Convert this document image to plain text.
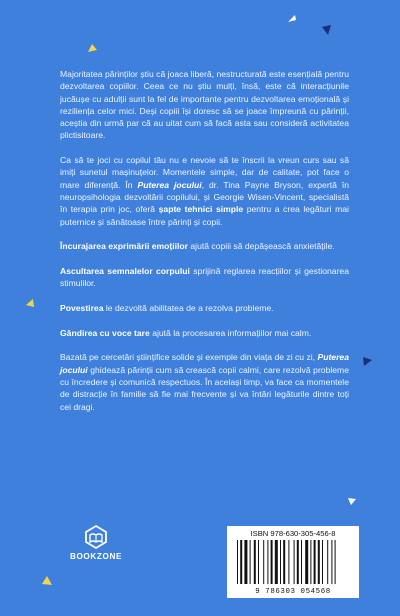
Majoritatea părinților știu că joaca liberă, nestructurată este esențială pentru dezvoltarea copiilor. Ceea ce nu știu mulți, însă, este că interacțiunile jucăușe cu adulții sunt la fel de importante pentru dezvoltarea emoțională și reziliența celor mici. Deși copiii își doresc să se joace împreună cu părinții, aceștia din urmă par că au uitat cum să facă asta sau consideră activitatea plictisitoare.

Ca să te joci cu copilul tău nu e nevoie să te înscrii la vreun curs sau să imiți sunetul mașinuțelor. Momentele simple, dar de calitate, pot face o mare diferență. În Puterea jocului, dr. Tina Payne Bryson, expertă în neuropsihologia dezvoltării copilului, și Georgie Wisen-Vincent, specialistă în terapia prin joc, oferă șapte tehnici simple pentru a crea legături mai puternice și sănătoase între părinți și copii.

Încurajarea exprimării emoțiilor ajută copiii să depășească anxietățile.

Ascultarea semnalelor corpului sprijină reglarea reacțiilor și gestionarea stimulilor.

Povestirea le dezvoltă abilitatea de a rezolva probleme.

Gândirea cu voce tare ajută la procesarea informațiilor mai calm.

Bazată pe cercetări științifice solide și exemple din viața de zi cu zi, Puterea jocului ghidează părinții cum să crească copii calmi, care rezolvă probleme cu încredere și comunică respectuos. În același timp, va face ca momentele de distracție în familie să fie mai frecvente și va întări legăturile dintre toți cei dragi.

BOOKZONE
ISBN 978-630-305-456-8
9 786303 054568
